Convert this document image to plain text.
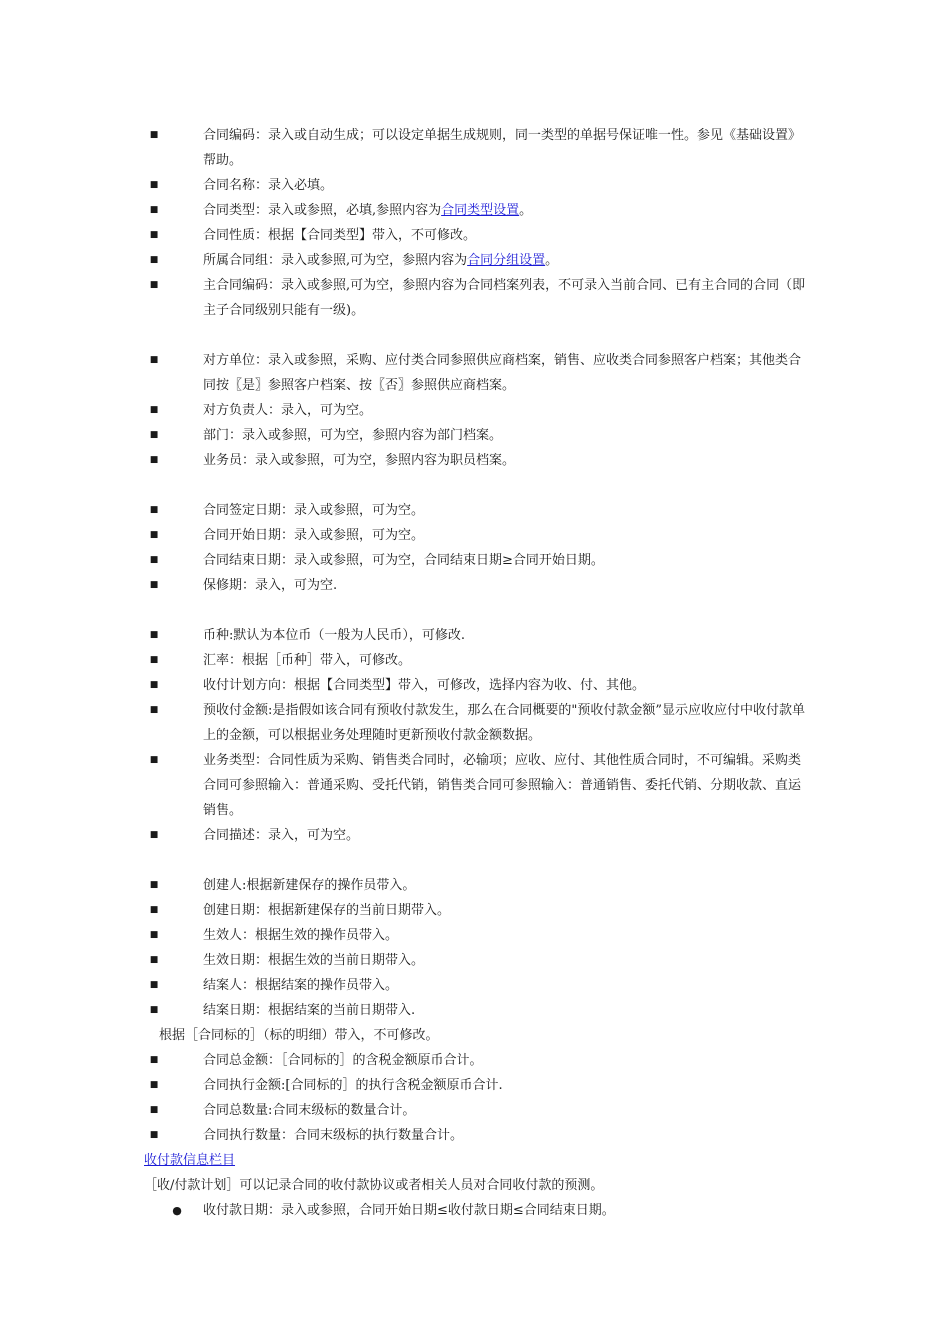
■	合同编码：录入或自动生成；可以设定单据生成规则，同一类型的单据号保证唯一性。参见《基础设置》帮助。
■	合同名称：录入必填。
■	合同类型：录入或参照，必填,参照内容为合同类型设置。
■	合同性质：根据【合同类型】带入，不可修改。
■	所属合同组：录入或参照,可为空，参照内容为合同分组设置。
■	主合同编码：录入或参照,可为空，参照内容为合同档案列表，不可录入当前合同、已有主合同的合同（即主子合同级别只能有一级)。
■	对方单位：录入或参照，采购、应付类合同参照供应商档案，销售、应收类合同参照客户档案；其他类合同按〖是〗参照客户档案、按〖否〗参照供应商档案。
■	对方负责人：录入，可为空。
■	部门：录入或参照，可为空，参照内容为部门档案。
■	业务员：录入或参照，可为空，参照内容为职员档案。
■	合同签定日期：录入或参照，可为空。
■	合同开始日期：录入或参照，可为空。
■	合同结束日期：录入或参照，可为空，合同结束日期≥合同开始日期。
■	保修期：录入，可为空.
■	币种:默认为本位币（一般为人民币），可修改.
■	汇率：根据［币种］带入，可修改。
■	收付计划方向：根据【合同类型】带入，可修改，选择内容为收、付、其他。
■	预收付金额:是指假如该合同有预收付款发生，那么在合同概要的"预收付款金额”显示应收应付中收付款单上的金额，可以根据业务处理随时更新预收付款金额数据。
■	业务类型：合同性质为采购、销售类合同时，必输项；应收、应付、其他性质合同时，不可编辑。采购类合同可参照输入：普通采购、受托代销，销售类合同可参照输入：普通销售、委托代销、分期收款、直运销售。
■	合同描述：录入，可为空。
■	创建人:根据新建保存的操作员带入。
■	创建日期：根据新建保存的当前日期带入。
■	生效人：根据生效的操作员带入。
■	生效日期：根据生效的当前日期带入。
■	结案人：根据结案的操作员带入。
■	结案日期：根据结案的当前日期带入.

根据［合同标的］（标的明细）带入，不可修改。

■	合同总金额：［合同标的］的含税金额原币合计。
■	合同执行金额:[合同标的］的执行含税金额原币合计.
■	合同总数量:合同末级标的数量合计。
■	合同执行数量：合同末级标的执行数量合计。

收付款信息栏目

［收/付款计划］可以记录合同的收付款协议或者相关人员对合同收付款的预测。

● 收付款日期：录入或参照，合同开始日期≤收付款日期≤合同结束日期。
